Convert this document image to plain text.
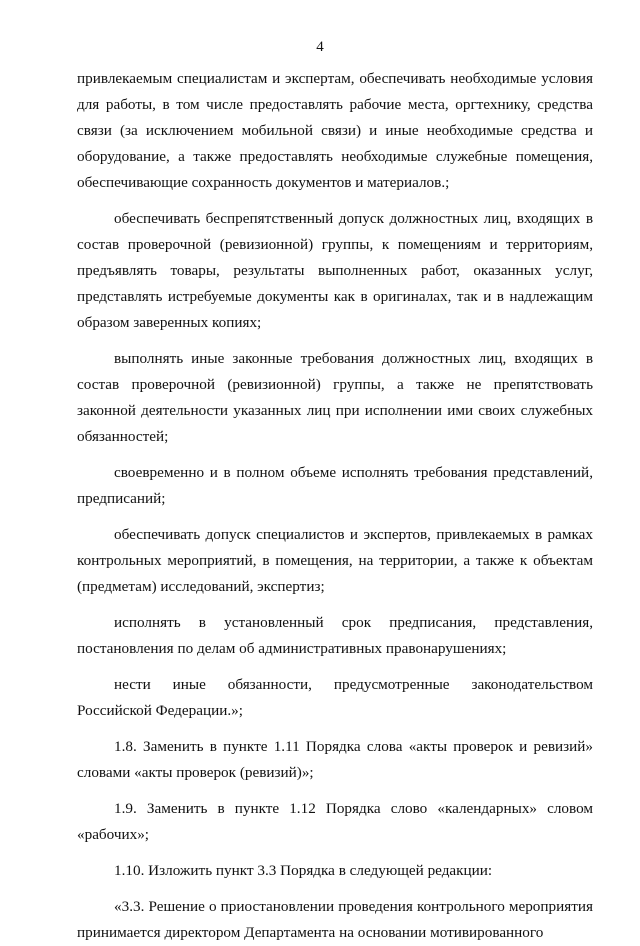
4

привлекаемым специалистам и экспертам, обеспечивать необходимые условия для работы, в том числе предоставлять рабочие места, оргтехнику, средства связи (за исключением мобильной связи) и иные необходимые средства и оборудование, а также предоставлять необходимые служебные помещения, обеспечивающие сохранность документов и материалов.;

обеспечивать беспрепятственный допуск должностных лиц, входящих в состав проверочной (ревизионной) группы, к помещениям и территориям, предъявлять товары, результаты выполненных работ, оказанных услуг, представлять истребуемые документы как в оригиналах, так и в надлежащим образом заверенных копиях;

выполнять иные законные требования должностных лиц, входящих в состав проверочной (ревизионной) группы, а также не препятствовать законной деятельности указанных лиц при исполнении ими своих служебных обязанностей;

своевременно и в полном объеме исполнять требования представлений, предписаний;

обеспечивать допуск специалистов и экспертов, привлекаемых в рамках контрольных мероприятий, в помещения, на территории, а также к объектам (предметам) исследований, экспертиз;

исполнять в установленный срок предписания, представления, постановления по делам об административных правонарушениях;

нести иные обязанности, предусмотренные законодательством Российской Федерации.»;

1.8. Заменить в пункте 1.11 Порядка слова «акты проверок и ревизий» словами «акты проверок (ревизий)»;

1.9. Заменить в пункте 1.12 Порядка слово «календарных» словом «рабочих»;

1.10. Изложить пункт 3.3 Порядка в следующей редакции:

«3.3. Решение о приостановлении проведения контрольного мероприятия принимается директором Департамента на основании мотивированного
